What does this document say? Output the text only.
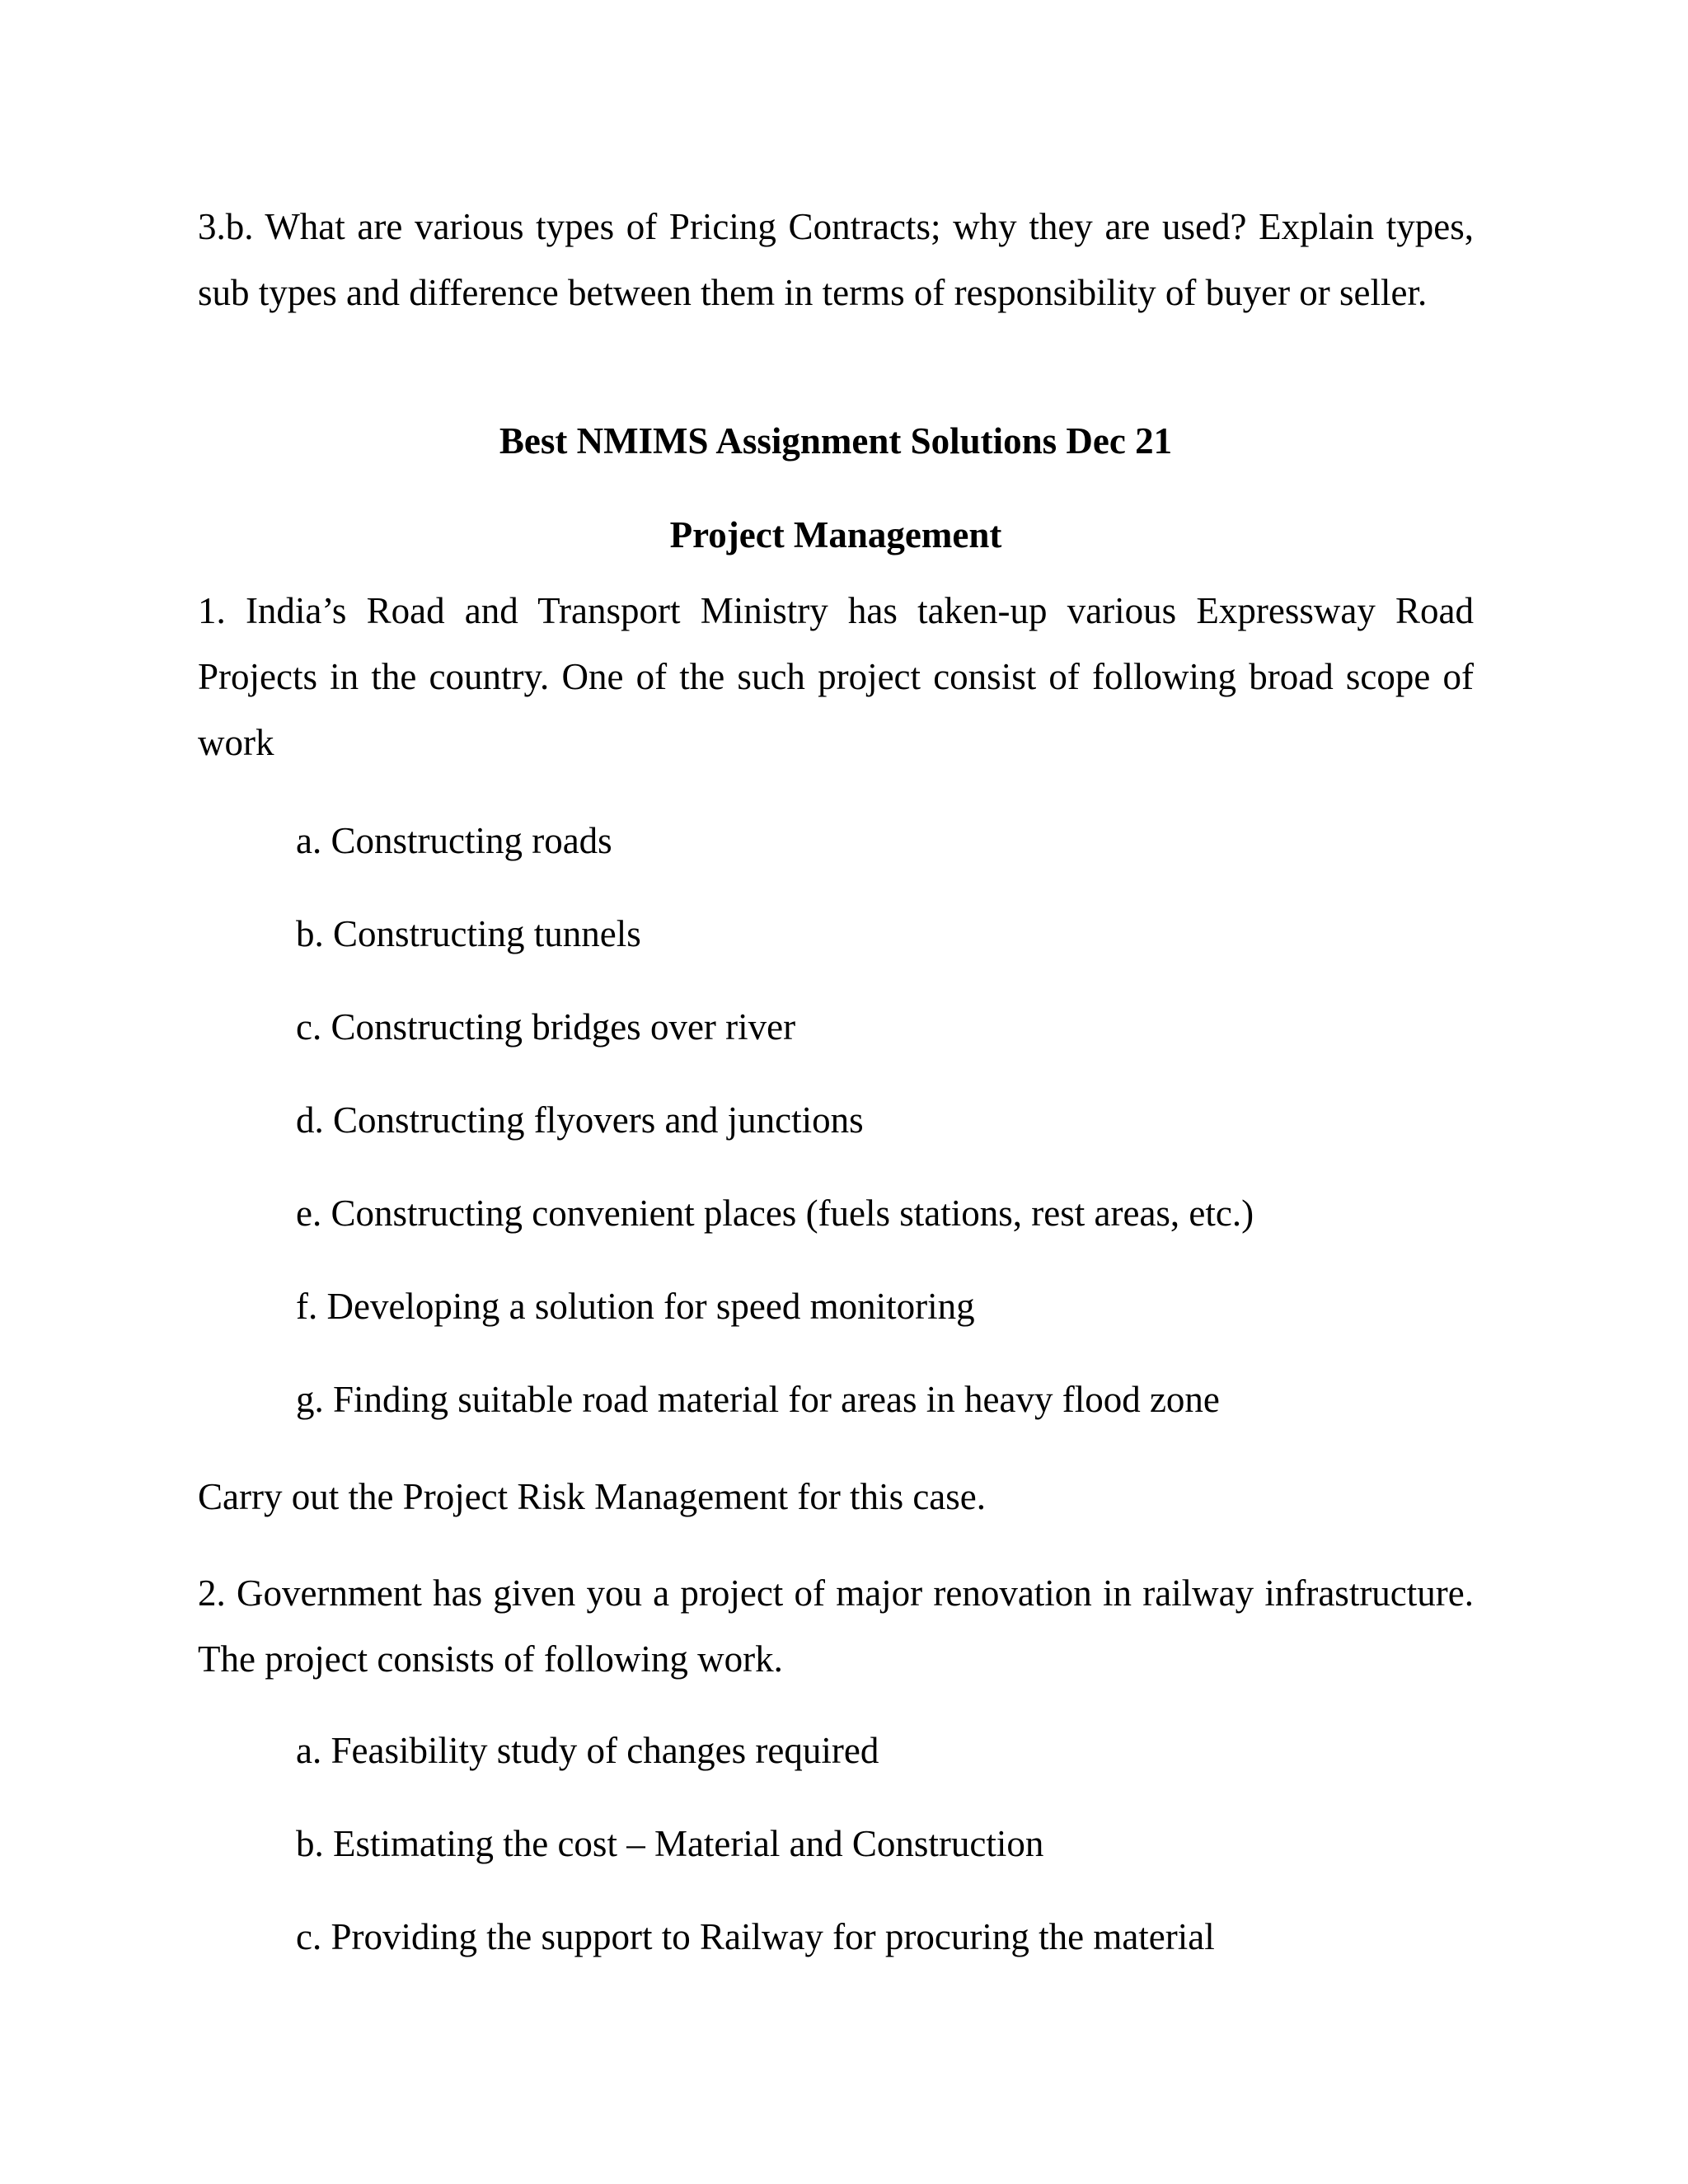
3.b. What are various types of Pricing Contracts; why they are used? Explain types, sub types and difference between them in terms of responsibility of buyer or seller.

Best NMIMS Assignment Solutions Dec 21
Project Management

1. India’s Road and Transport Ministry has taken-up various Expressway Road Projects in the country. One of the such project consist of following broad scope of work

a. Constructing roads
b. Constructing tunnels
c. Constructing bridges over river
d. Constructing flyovers and junctions
e. Constructing convenient places (fuels stations, rest areas, etc.)
f. Developing a solution for speed monitoring
g. Finding suitable road material for areas in heavy flood zone

Carry out the Project Risk Management for this case.

2. Government has given you a project of major renovation in railway infrastructure. The project consists of following work.

a. Feasibility study of changes required
b. Estimating the cost – Material and Construction
c. Providing the support to Railway for procuring the material
